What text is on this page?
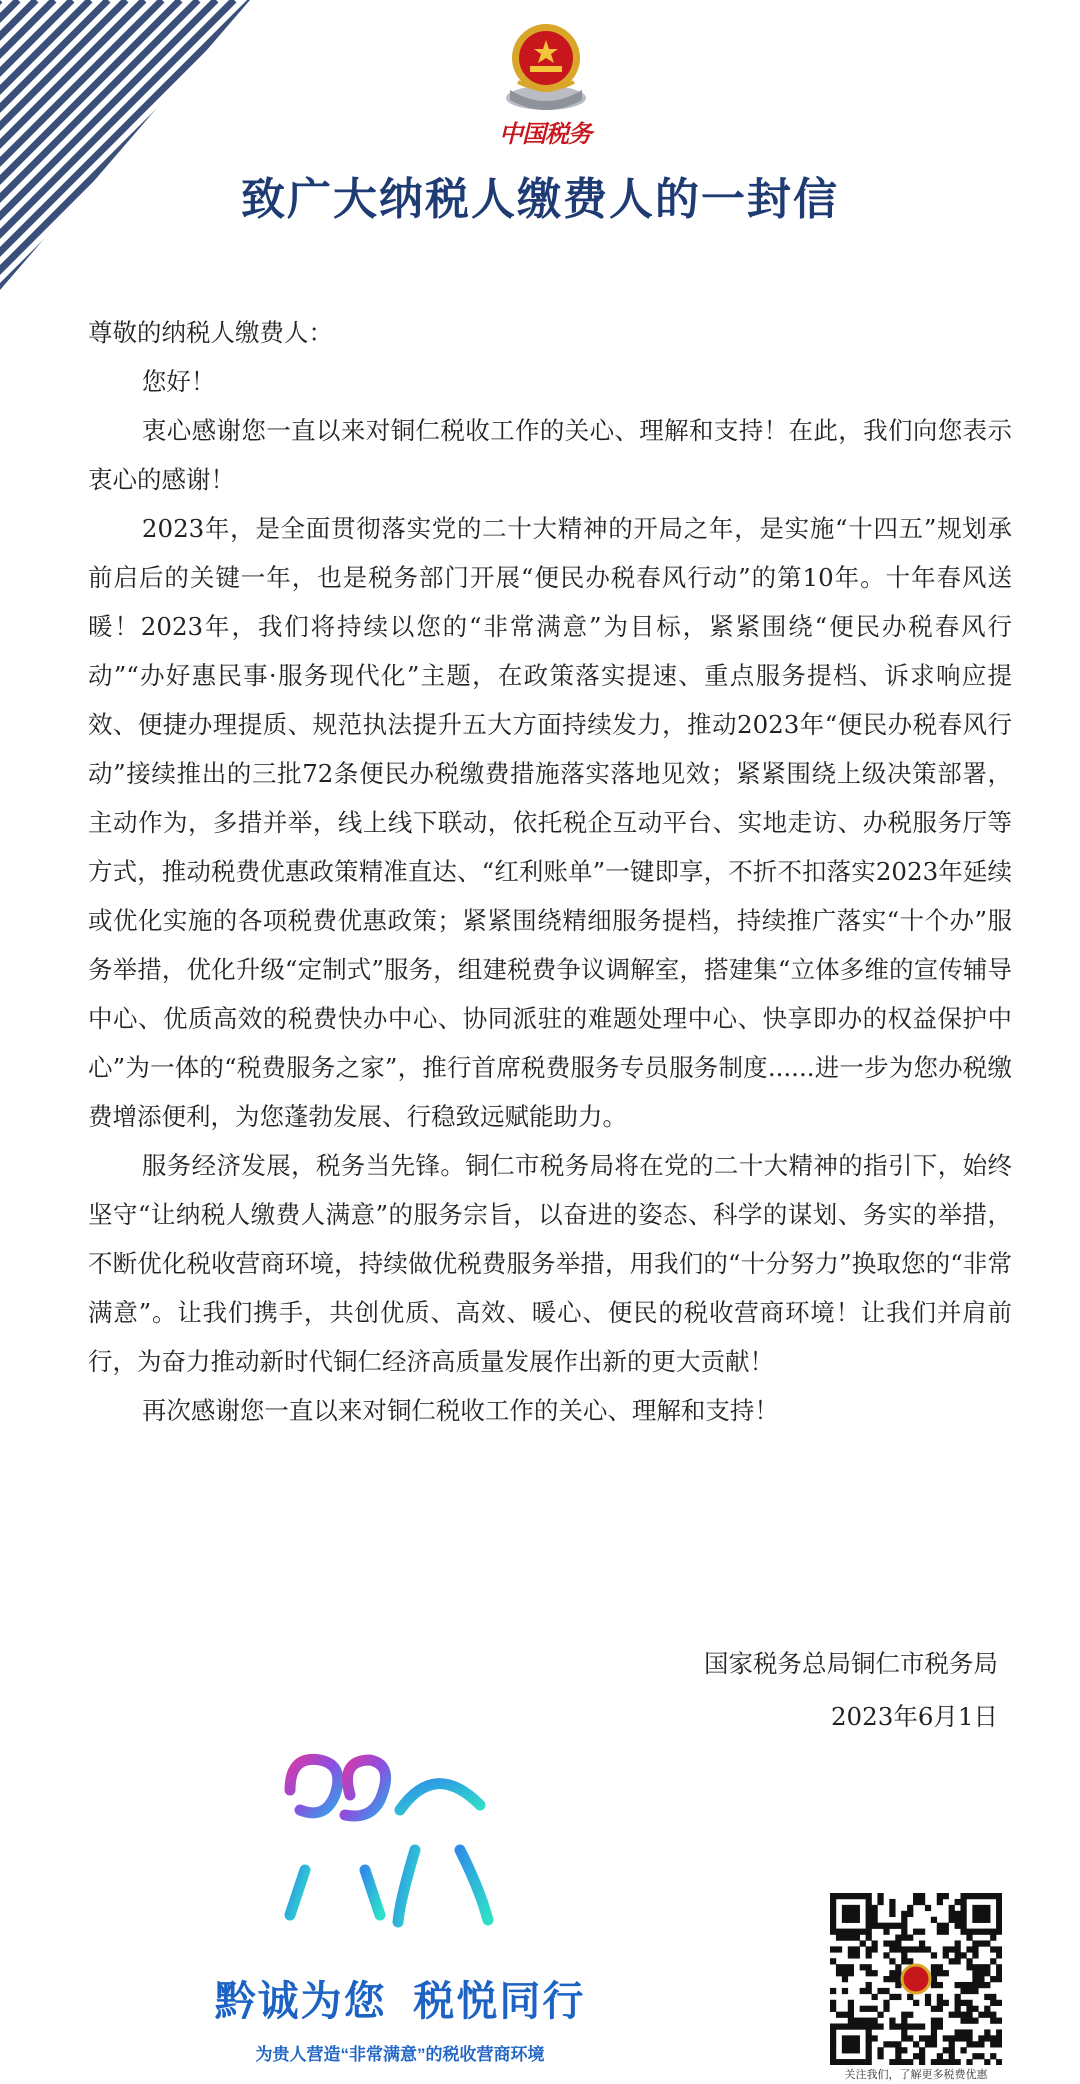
中国税务
致广大纳税人缴费人的一封信

尊敬的纳税人缴费人：

您好！

衷心感谢您一直以来对铜仁税收工作的关心、理解和支持！在此，我们向您表示衷心的感谢！

2023年，是全面贯彻落实党的二十大精神的开局之年，是实施“十四五”规划承前启后的关键一年，也是税务部门开展“便民办税春风行动”的第10年。十年春风送暖！2023年，我们将持续以您的“非常满意”为目标，紧紧围绕“便民办税春风行动”“办好惠民事·服务现代化”主题，在政策落实提速、重点服务提档、诉求响应提效、便捷办理提质、规范执法提升五大方面持续发力，推动2023年“便民办税春风行动”接续推出的三批72条便民办税缴费措施落实落地见效；紧紧围绕上级决策部署，主动作为，多措并举，线上线下联动，依托税企互动平台、实地走访、办税服务厅等方式，推动税费优惠政策精准直达、“红利账单”一键即享，不折不扣落实2023年延续或优化实施的各项税费优惠政策；紧紧围绕精细服务提档，持续推广落实“十个办”服务举措，优化升级“定制式”服务，组建税费争议调解室，搭建集“立体多维的宣传辅导中心、优质高效的税费快办中心、协同派驻的难题处理中心、快享即办的权益保护中心”为一体的“税费服务之家”，推行首席税费服务专员服务制度......进一步为您办税缴费增添便利，为您蓬勃发展、行稳致远赋能助力。

服务经济发展，税务当先锋。铜仁市税务局将在党的二十大精神的指引下，始终坚守“让纳税人缴费人满意”的服务宗旨，以奋进的姿态、科学的谋划、务实的举措，不断优化税收营商环境，持续做优税费服务举措，用我们的“十分努力”换取您的“非常满意”。让我们携手，共创优质、高效、暖心、便民的税收营商环境！让我们并肩前行，为奋力推动新时代铜仁经济高质量发展作出新的更大贡献！

再次感谢您一直以来对铜仁税收工作的关心、理解和支持！

国家税务总局铜仁市税务局
2023年6月1日
黔诚为您  税悦同行
为贵人营造“非常满意”的税收营商环境
关注我们，了解更多税费优惠
